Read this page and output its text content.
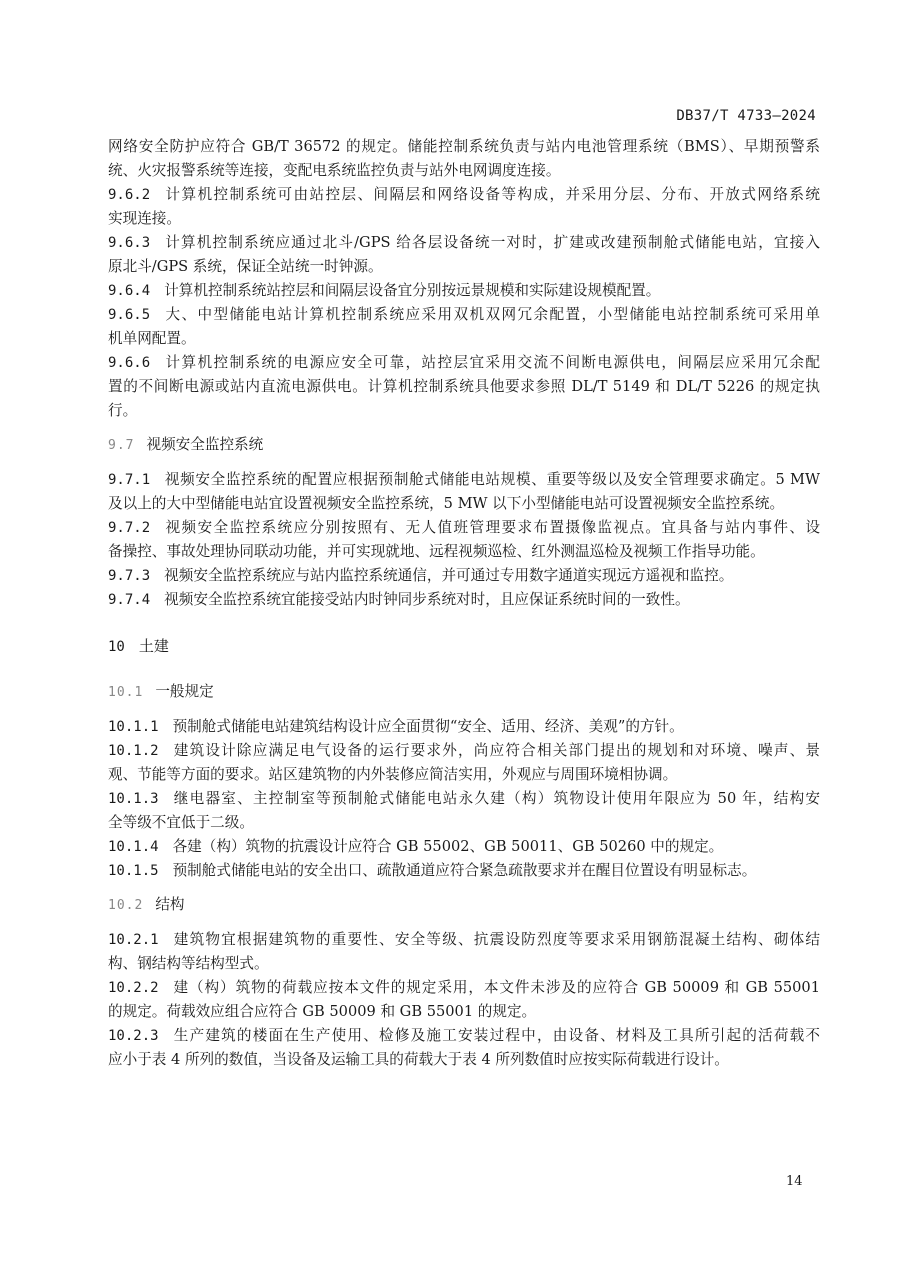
DB37/T 4733—2024
网络安全防护应符合 GB/T 36572 的规定。储能控制系统负责与站内电池管理系统（BMS）、早期预警系
统、火灾报警系统等连接，变配电系统监控负责与站外电网调度连接。
9.6.2 计算机控制系统可由站控层、间隔层和网络设备等构成，并采用分层、分布、开放式网络系统
实现连接。
9.6.3 计算机控制系统应通过北斗/GPS 给各层设备统一对时，扩建或改建预制舱式储能电站，宜接入
原北斗/GPS 系统，保证全站统一时钟源。
9.6.4 计算机控制系统站控层和间隔层设备宜分别按远景规模和实际建设规模配置。
9.6.5 大、中型储能电站计算机控制系统应采用双机双网冗余配置，小型储能电站控制系统可采用单
机单网配置。
9.6.6 计算机控制系统的电源应安全可靠，站控层宜采用交流不间断电源供电，间隔层应采用冗余配
置的不间断电源或站内直流电源供电。计算机控制系统具他要求参照 DL/T 5149 和 DL/T 5226 的规定执
行。
9.7 视频安全监控系统
9.7.1 视频安全监控系统的配置应根据预制舱式储能电站规模、重要等级以及安全管理要求确定。5 MW
及以上的大中型储能电站宜设置视频安全监控系统，5 MW 以下小型储能电站可设置视频安全监控系统。
9.7.2 视频安全监控系统应分别按照有、无人值班管理要求布置摄像监视点。宜具备与站内事件、设
备操控、事故处理协同联动功能，并可实现就地、远程视频巡检、红外测温巡检及视频工作指导功能。
9.7.3 视频安全监控系统应与站内监控系统通信，并可通过专用数字通道实现远方遥视和监控。
9.7.4 视频安全监控系统宜能接受站内时钟同步系统对时，且应保证系统时间的一致性。
10 土建
10.1 一般规定
10.1.1 预制舱式储能电站建筑结构设计应全面贯彻“安全、适用、经济、美观”的方针。
10.1.2 建筑设计除应满足电气设备的运行要求外，尚应符合相关部门提出的规划和对环境、噪声、景
观、节能等方面的要求。站区建筑物的内外装修应简洁实用，外观应与周围环境相协调。
10.1.3 继电器室、主控制室等预制舱式储能电站永久建（构）筑物设计使用年限应为 50 年，结构安
全等级不宜低于二级。
10.1.4 各建（构）筑物的抗震设计应符合 GB 55002、GB 50011、GB 50260 中的规定。
10.1.5 预制舱式储能电站的安全出口、疏散通道应符合紧急疏散要求并在醒目位置设有明显标志。
10.2 结构
10.2.1 建筑物宜根据建筑物的重要性、安全等级、抗震设防烈度等要求采用钢筋混凝土结构、砌体结
构、钢结构等结构型式。
10.2.2 建（构）筑物的荷载应按本文件的规定采用，本文件未涉及的应符合 GB 50009 和 GB 55001
的规定。荷载效应组合应符合 GB 50009 和 GB 55001 的规定。
10.2.3 生产建筑的楼面在生产使用、检修及施工安装过程中，由设备、材料及工具所引起的活荷载不
应小于表 4 所列的数值，当设备及运输工具的荷载大于表 4 所列数值时应按实际荷载进行设计。
14
